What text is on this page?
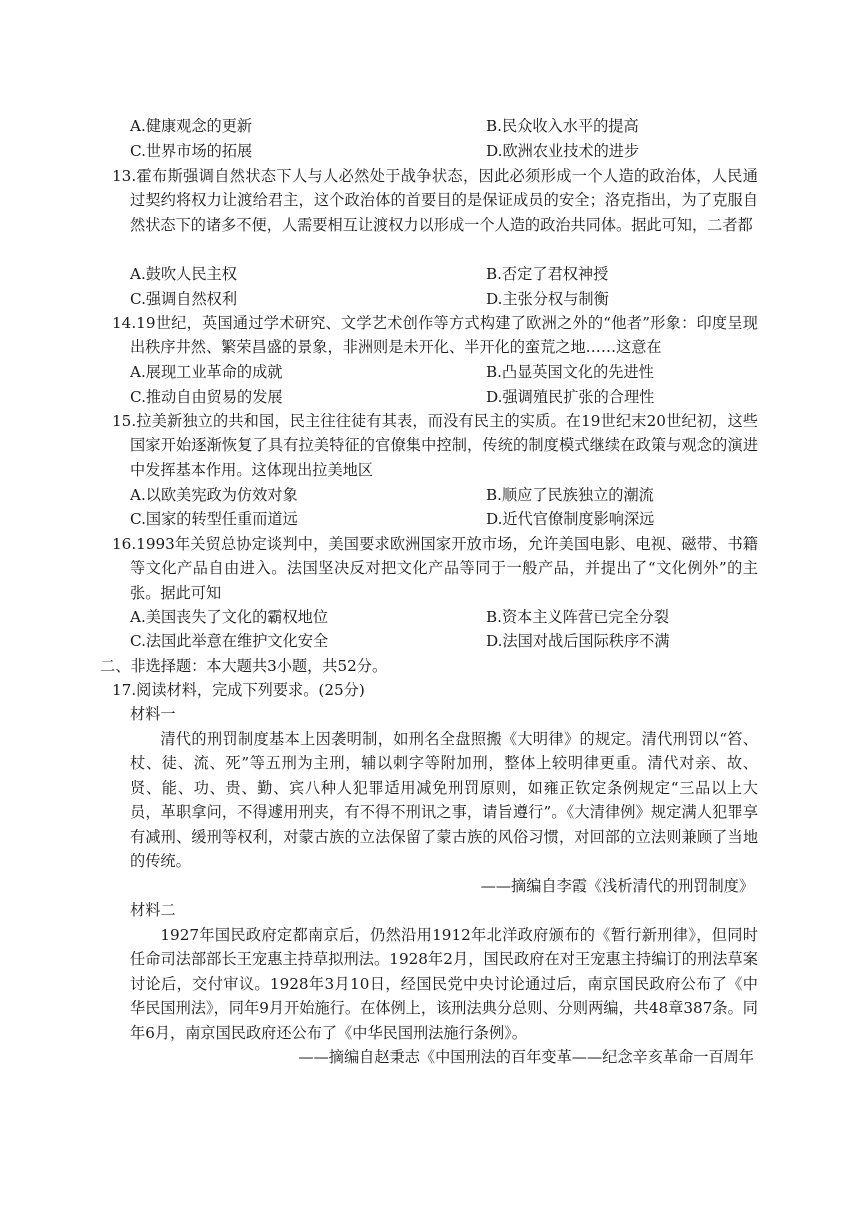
A.健康观念的更新	B.民众收入水平的提高
C.世界市场的拓展	D.欧洲农业技术的进步
13.霍布斯强调自然状态下人与人必然处于战争状态，因此必须形成一个人造的政治体，人民通过契约将权力让渡给君主，这个政治体的首要目的是保证成员的安全；洛克指出，为了克服自然状态下的诸多不便，人需要相互让渡权力以形成一个人造的政治共同体。据此可知，二者都
A.鼓吹人民主权	B.否定了君权神授
C.强调自然权利	D.主张分权与制衡
14.19世纪，英国通过学术研究、文学艺术创作等方式构建了欧洲之外的“他者”形象：印度呈现出秩序井然、繁荣昌盛的景象，非洲则是未开化、半开化的蛮荒之地……这意在
A.展现工业革命的成就	B.凸显英国文化的先进性
C.推动自由贸易的发展	D.强调殖民扩张的合理性
15.拉美新独立的共和国，民主往往徒有其表，而没有民主的实质。在19世纪末20世纪初，这些国家开始逐渐恢复了具有拉美特征的官僚集中控制，传统的制度模式继续在政策与观念的演进中发挥基本作用。这体现出拉美地区
A.以欧美宪政为仿效对象	B.顺应了民族独立的潮流
C.国家的转型任重而道远	D.近代官僚制度影响深远
16.1993年关贸总协定谈判中，美国要求欧洲国家开放市场，允许美国电影、电视、磁带、书籍等文化产品自由进入。法国坚决反对把文化产品等同于一般产品，并提出了“文化例外”的主张。据此可知
A.美国丧失了文化的霸权地位	B.资本主义阵营已完全分裂
C.法国此举意在维护文化安全	D.法国对战后国际秩序不满
二、非选择题：本大题共3小题，共52分。
17.阅读材料，完成下列要求。(25分)
材料一
清代的刑罚制度基本上因袭明制，如刑名全盘照搬《大明律》的规定。清代刑罚以“笞、杖、徒、流、死”等五刑为主刑，辅以刺字等附加刑，整体上较明律更重。清代对亲、故、贤、能、功、贵、勤、宾八种人犯罪适用减免刑罚原则，如雍正钦定条例规定“三品以上大员，革职拿问，不得遽用刑夹，有不得不刑讯之事，请旨遵行”。《大清律例》规定满人犯罪享有减刑、缓刑等权利，对蒙古族的立法保留了蒙古族的风俗习惯，对回部的立法则兼顾了当地的传统。
——摘编自李霞《浅析清代的刑罚制度》
材料二
1927年国民政府定都南京后，仍然沿用1912年北洋政府颁布的《暂行新刑律》，但同时任命司法部部长王宠惠主持草拟刑法。1928年2月，国民政府在对王宠惠主持编订的刑法草案讨论后，交付审议。1928年3月10日，经国民党中央讨论通过后，南京国民政府公布了《中华民国刑法》，同年9月开始施行。在体例上，该刑法典分总则、分则两编，共48章387条。同年6月，南京国民政府还公布了《中华民国刑法施行条例》。
——摘编自赵秉志《中国刑法的百年变革——纪念辛亥革命一百周年
